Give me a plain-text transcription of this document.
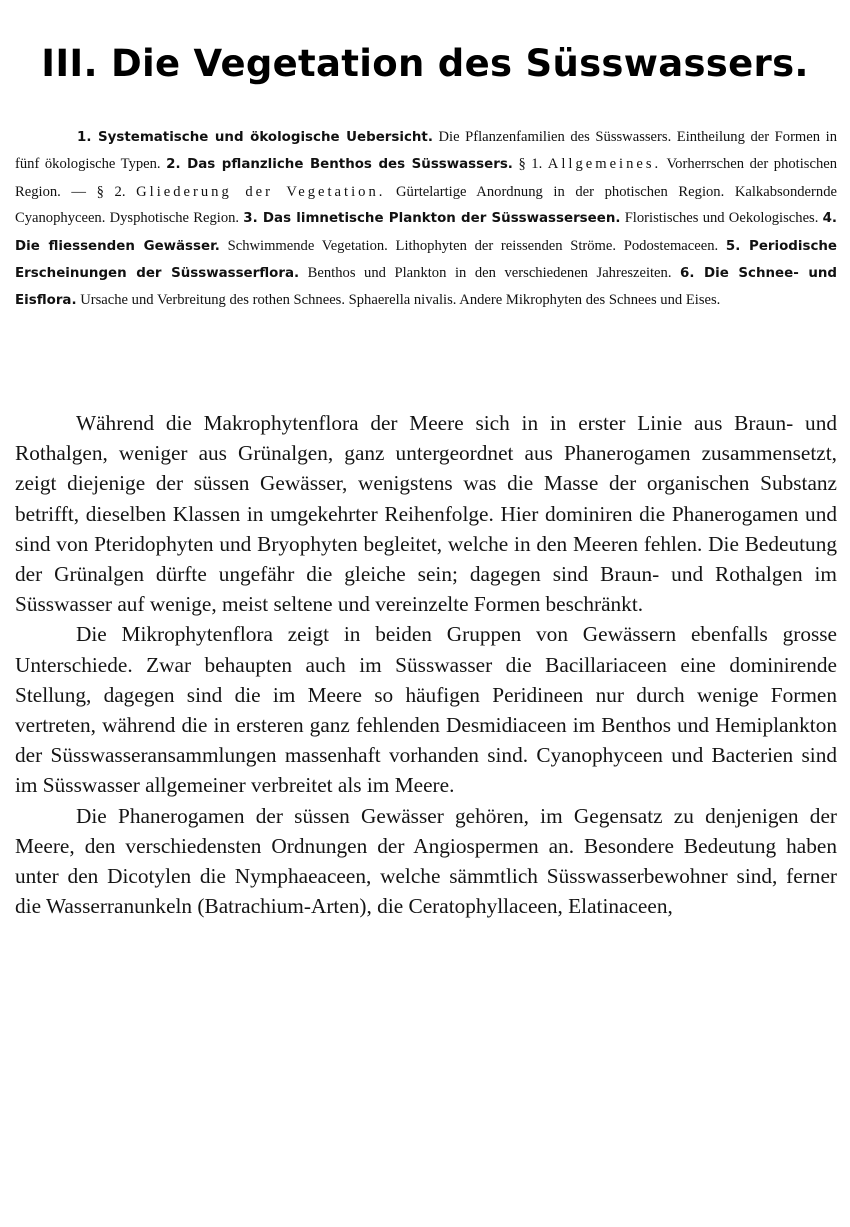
III. Die Vegetation des Süsswassers.
1. Systematische und ökologische Uebersicht. Die Pflanzenfamilien des Süsswassers. Eintheilung der Formen in fünf ökologische Typen. 2. Das pflanzliche Benthos des Süsswassers. § 1. Allgemeines. Vorherrschen der photischen Region. — § 2. Gliederung der Vegetation. Gürtelartige Anordnung in der photischen Region. Kalkabsondernde Cyanophyceen. Dysphotische Region. 3. Das limnetische Plankton der Süsswasserseen. Floristisches und Oekologisches. 4. Die fliessenden Gewässer. Schwimmende Vegetation. Lithophyten der reissenden Ströme. Podostemaceen. 5. Periodische Erscheinungen der Süsswasserflora. Benthos und Plankton in den verschiedenen Jahreszeiten. 6. Die Schnee- und Eisflora. Ursache und Verbreitung des rothen Schnees. Sphaerella nivalis. Andere Mikrophyten des Schnees und Eises.

Während die Makrophytenflora der Meere sich in in erster Linie aus Braun- und Rothalgen, weniger aus Grünalgen, ganz untergeordnet aus Phanerogamen zusammensetzt, zeigt diejenige der süssen Gewässer, wenigstens was die Masse der organischen Substanz betrifft, dieselben Klassen in umgekehrter Reihenfolge. Hier dominiren die Phanerogamen und sind von Pteridophyten und Bryophyten begleitet, welche in den Meeren fehlen. Die Bedeutung der Grünalgen dürfte ungefähr die gleiche sein; dagegen sind Braun- und Rothalgen im Süsswasser auf wenige, meist seltene und vereinzelte Formen beschränkt.

Die Mikrophytenflora zeigt in beiden Gruppen von Gewässern ebenfalls grosse Unterschiede. Zwar behaupten auch im Süsswasser die Bacillariaceen eine dominirende Stellung, dagegen sind die im Meere so häufigen Peridineen nur durch wenige Formen vertreten, während die in ersteren ganz fehlenden Desmidiaceen im Benthos und Hemiplankton der Süsswasseransammlungen massenhaft vorhanden sind. Cyanophyceen und Bacterien sind im Süsswasser allgemeiner verbreitet als im Meere.

Die Phanerogamen der süssen Gewässer gehören, im Gegensatz zu denjenigen der Meere, den verschiedensten Ordnungen der Angiospermen an. Besondere Bedeutung haben unter den Dicotylen die Nymphaeaceen, welche sämmtlich Süsswasserbewohner sind, ferner die Wasserranunkeln (Batrachium-Arten), die Ceratophyllaceen, Elatinaceen,
